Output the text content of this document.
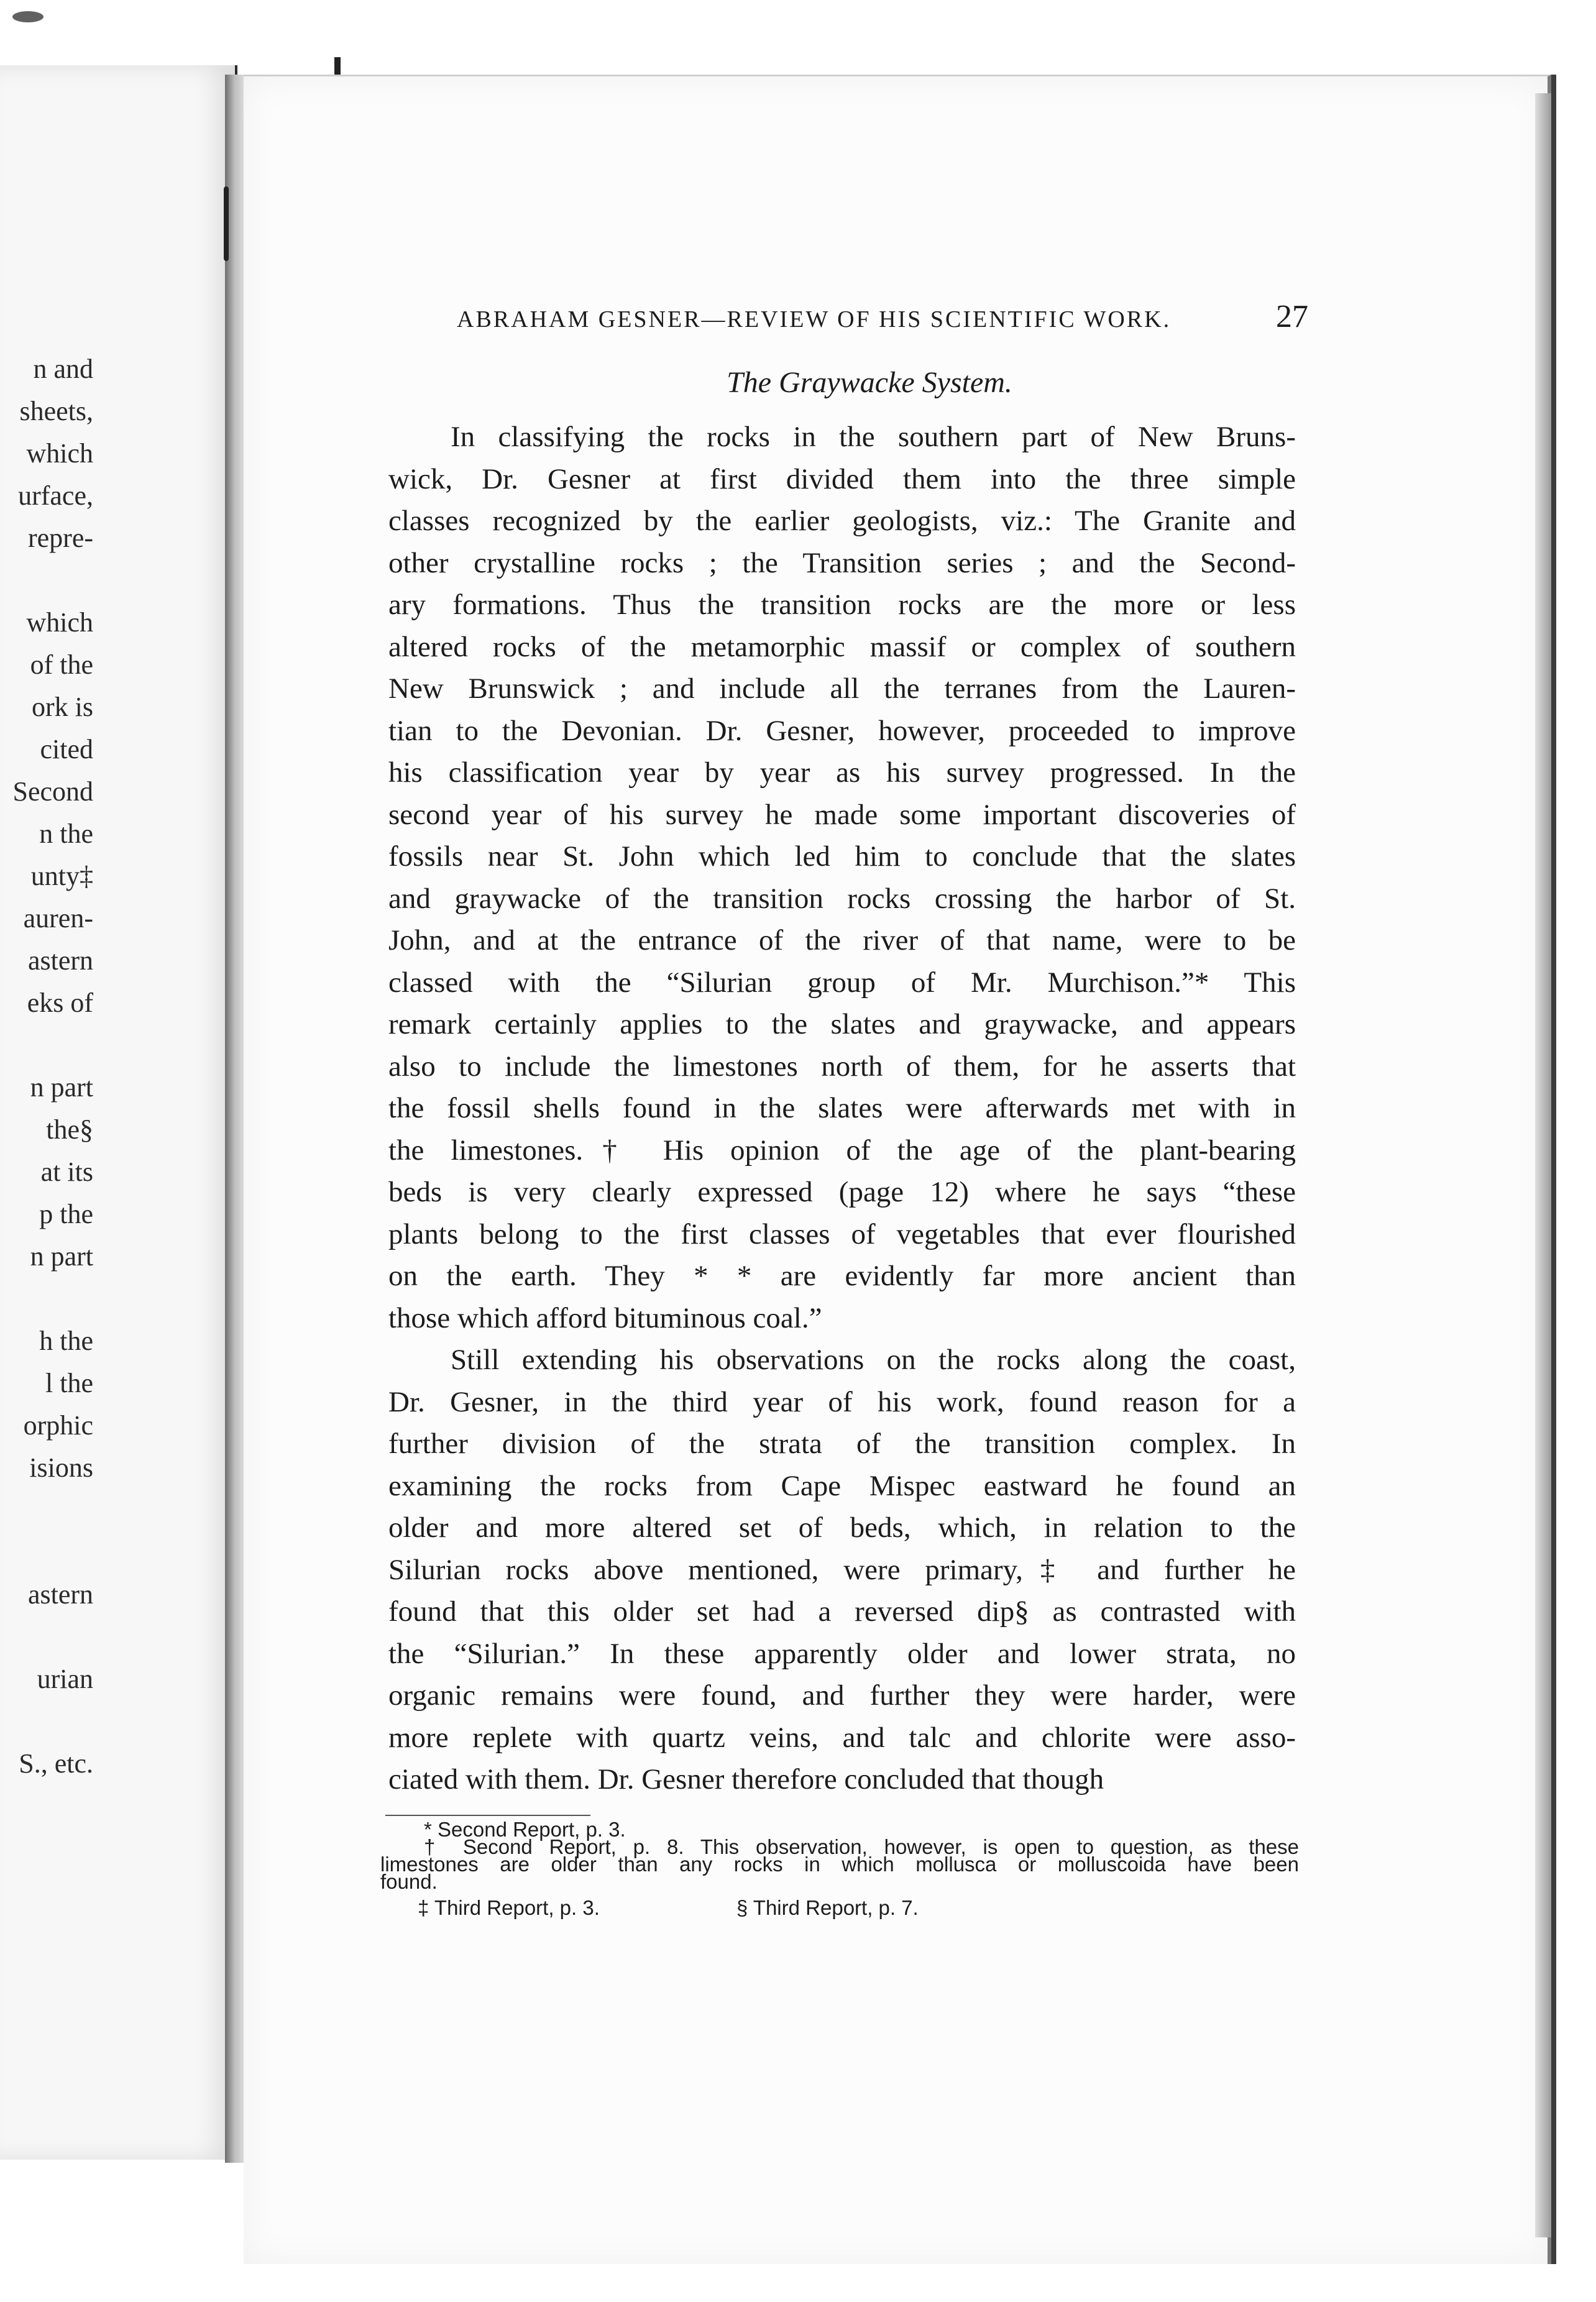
n and
sheets,
which
urface,
repre-
which
of the
ork is
cited
Second
n the
unty‡
auren-
astern
eks of
n part
the§
at its
p the
n part
h the
l the
orphic
isions
astern
urian
S., etc.
ABRAHAM GESNER—REVIEW OF HIS SCIENTIFIC WORK.	27
The Graywacke System.
In classifying the rocks in the southern part of New Bruns-
wick, Dr. Gesner at first divided them into the three simple
classes recognized by the earlier geologists, viz.: The Granite and
other crystalline rocks ; the Transition series ; and the Second-
ary formations. Thus the transition rocks are the more or less
altered rocks of the metamorphic massif or complex of southern
New Brunswick ; and include all the terranes from the Lauren-
tian to the Devonian. Dr. Gesner, however, proceeded to improve
his classification year by year as his survey progressed. In the
second year of his survey he made some important discoveries of
fossils near St. John which led him to conclude that the slates
and graywacke of the transition rocks crossing the harbor of St.
John, and at the entrance of the river of that name, were to be
classed with the “Silurian group of Mr. Murchison.”* This
remark certainly applies to the slates and graywacke, and appears
also to include the limestones north of them, for he asserts that
the fossil shells found in the slates were afterwards met with in
the limestones.† His opinion of the age of the plant-bearing
beds is very clearly expressed (page 12) where he says “these
plants belong to the first classes of vegetables that ever flourished
on the earth. They * * are evidently far more ancient than
those which afford bituminous coal.”
Still extending his observations on the rocks along the coast,
Dr. Gesner, in the third year of his work, found reason for a
further division of the strata of the transition complex. In
examining the rocks from Cape Mispec eastward he found an
older and more altered set of beds, which, in relation to the
Silurian rocks above mentioned, were primary,‡ and further he
found that this older set had a reversed dip§ as contrasted with
the “Silurian.” In these apparently older and lower strata, no
organic remains were found, and further they were harder, were
more replete with quartz veins, and talc and chlorite were asso-
ciated with them. Dr. Gesner therefore concluded that though
* Second Report, p. 3.
† Second Report, p. 8. This observation, however, is open to question, as these
limestones are older than any rocks in which mollusca or molluscoida have been
found.
‡ Third Report, p. 3.	§ Third Report, p. 7.
